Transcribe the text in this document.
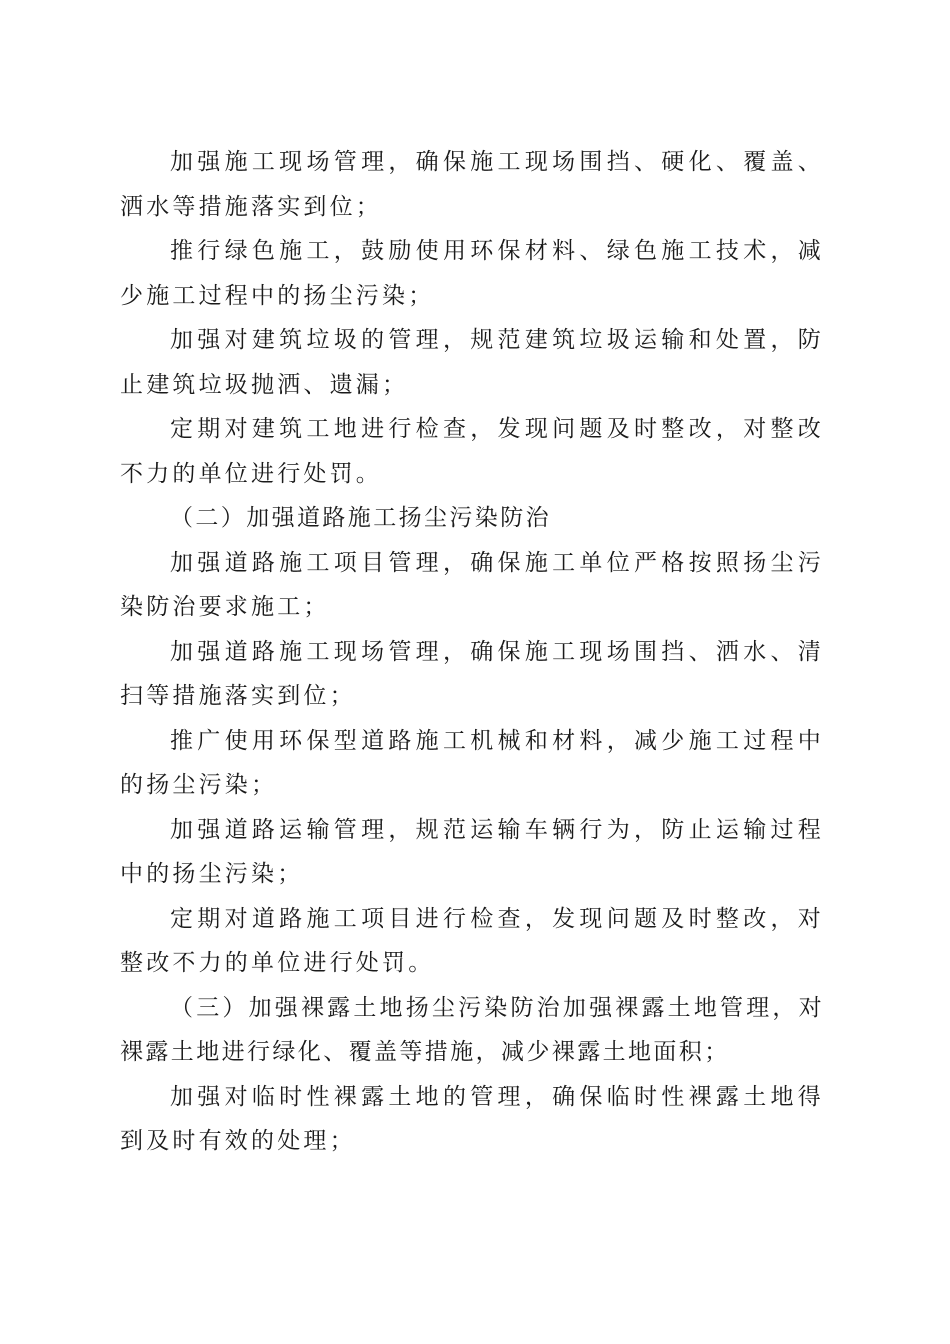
加强施工现场管理，确保施工现场围挡、硬化、覆盖、洒水等措施落实到位；

推行绿色施工，鼓励使用环保材料、绿色施工技术，减少施工过程中的扬尘污染；

加强对建筑垃圾的管理，规范建筑垃圾运输和处置，防止建筑垃圾抛洒、遗漏；

定期对建筑工地进行检查，发现问题及时整改，对整改不力的单位进行处罚。

（二）加强道路施工扬尘污染防治

加强道路施工项目管理，确保施工单位严格按照扬尘污染防治要求施工；

加强道路施工现场管理，确保施工现场围挡、洒水、清扫等措施落实到位；

推广使用环保型道路施工机械和材料，减少施工过程中的扬尘污染；

加强道路运输管理，规范运输车辆行为，防止运输过程中的扬尘污染；

定期对道路施工项目进行检查，发现问题及时整改，对整改不力的单位进行处罚。

（三）加强裸露土地扬尘污染防治加强裸露土地管理，对裸露土地进行绿化、覆盖等措施，减少裸露土地面积；

加强对临时性裸露土地的管理，确保临时性裸露土地得到及时有效的处理；
